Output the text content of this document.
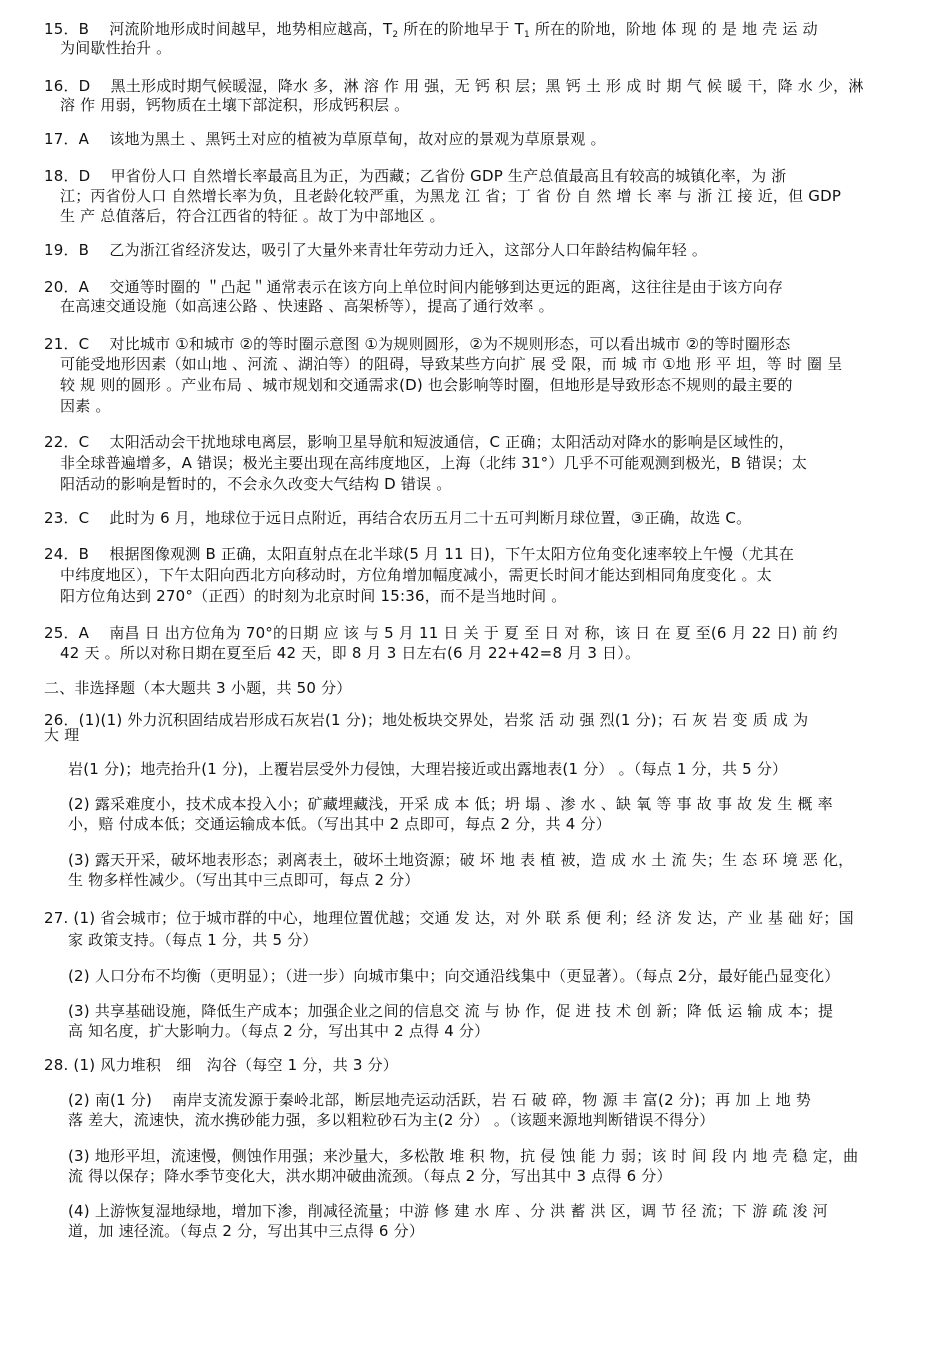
15．B　 河流阶地形成时间越早，地势相应越高，$T_2$ 所在的阶地早于 $T_1$ 所在的阶地，阶地 体 现 的 是 地 壳 运 动
为间歇性抬升 。
16．D　 黑土形成时期气候暖湿，降水 多，淋 溶 作 用 强，无 钙 积 层；黑 钙 土 形 成 时 期 气 候 暖 干，降 水 少，淋
溶 作 用弱，钙物质在土壤下部淀积，形成钙积层 。
17．A　 该地为黑土 、黑钙土对应的植被为草原草甸，故对应的景观为草原景观 。
18．D　 甲省份人口 自然增长率最高且为正，为西藏；乙省份 GDP 生产总值最高且有较高的城镇化率，为 浙
江；丙省份人口 自然增长率为负，且老龄化较严重，为黑龙 江 省；丁 省 份 自 然 增 长 率 与 浙 江 接 近，但 GDP
生 产 总值落后，符合江西省的特征 。故丁为中部地区 。
19．B　 乙为浙江省经济发达，吸引了大量外来青壮年劳动力迁入，这部分人口年龄结构偏年轻 。
20．A　 交通等时圈的 ＂凸起＂通常表示在该方向上单位时间内能够到达更远的距离，这往往是由于该方向存
在高速交通设施（如高速公路 、快速路 、高架桥等），提高了通行效率 。
21．C　 对比城市 ①和城市 ②的等时圈示意图 ①为规则圆形，②为不规则形态，可以看出城市 ②的等时圈形态
可能受地形因素（如山地 、河流 、湖泊等）的阻碍，导致某些方向扩 展 受 限，而 城 市 ①地 形 平 坦，等 时 圈 呈
较 规 则的圆形 。产业布局 、城市规划和交通需求(D) 也会影响等时圈，但地形是导致形态不规则的最主要的
因素 。
22．C　 太阳活动会干扰地球电离层，影响卫星导航和短波通信，C 正确；太阳活动对降水的影响是区域性的，
非全球普遍增多，A 错误；极光主要出现在高纬度地区，上海（北纬 31°）几乎不可能观测到极光，B 错误；太
阳活动的影响是暂时的，不会永久改变大气结构 D 错误 。
23．C　 此时为 6 月，地球位于远日点附近，再结合农历五月二十五可判断月球位置，③正确，故选 C。
24．B　 根据图像观测 B 正确，太阳直射点在北半球(5 月 11 日)，下午太阳方位角变化速率较上午慢（尤其在
中纬度地区），下午太阳向西北方向移动时，方位角增加幅度减小，需更长时间才能达到相同角度变化 。太
阳方位角达到 270°（正西）的时刻为北京时间 15:36，而不是当地时间 。
25．A　 南昌 日 出方位角为 70°的日期 应 该 与 5 月 11 日 关 于 夏 至 日 对 称，该 日 在 夏 至(6 月 22 日) 前 约
42 天 。所以对称日期在夏至后 42 天，即 8 月 3 日左右(6 月 22+42=8 月 3 日）。
二、非选择题（本大题共 3 小题，共 50 分）
26．(1)(1) 外力沉积固结成岩形成石灰岩(1 分)；地处板块交界处，岩浆 活 动 强 烈(1 分)；石 灰 岩 变 质 成 为
大 理
岩(1 分)；地壳抬升(1 分)，上覆岩层受外力侵蚀，大理岩接近或出露地表(1 分） 。（每点 1 分，共 5 分）
(2) 露采难度小，技术成本投入小；矿藏埋藏浅，开采 成 本 低；坍 塌 、渗 水 、缺 氧 等 事 故 事 故 发 生 概 率
小，赔 付成本低；交通运输成本低。（写出其中 2 点即可，每点 2 分，共 4 分）
(3) 露天开采，破坏地表形态；剥离表土，破坏土地资源；破 坏 地 表 植 被，造 成 水 土 流 失；生 态 环 境 恶 化，
生 物多样性减少。（写出其中三点即可，每点 2 分）
27. (1) 省会城市；位于城市群的中心，地理位置优越；交通 发 达，对 外 联 系 便 利；经 济 发 达，产 业 基 础 好；国
家 政策支持。（每点 1 分，共 5 分）
(2) 人口分布不均衡（更明显）；（进一步）向城市集中；向交通沿线集中（更显著）。（每点 2分，最好能凸显变化）
(3) 共享基础设施，降低生产成本；加强企业之间的信息交 流 与 协 作，促 进 技 术 创 新；降 低 运 输 成 本；提
高 知名度，扩大影响力。（每点 2 分，写出其中 2 点得 4 分）
28. (1) 风力堆积　细　沟谷（每空 1 分，共 3 分）
(2) 南(1 分)　 南岸支流发源于秦岭北部，断层地壳运动活跃，岩 石 破 碎，物 源 丰 富(2 分)；再 加 上 地 势
落 差大，流速快，流水携砂能力强，多以粗粒砂石为主(2 分） 。（该题来源地判断错误不得分）
(3) 地形平坦，流速慢，侧蚀作用强；来沙量大，多松散 堆 积 物，抗 侵 蚀 能 力 弱；该 时 间 段 内 地 壳 稳 定，曲
流 得以保存；降水季节变化大，洪水期冲破曲流颈。（每点 2 分，写出其中 3 点得 6 分）
(4) 上游恢复湿地绿地，增加下渗，削减径流量；中游 修 建 水 库 、分 洪 蓄 洪 区，调 节 径 流；下 游 疏 浚 河
道，加 速径流。（每点 2 分，写出其中三点得 6 分）
